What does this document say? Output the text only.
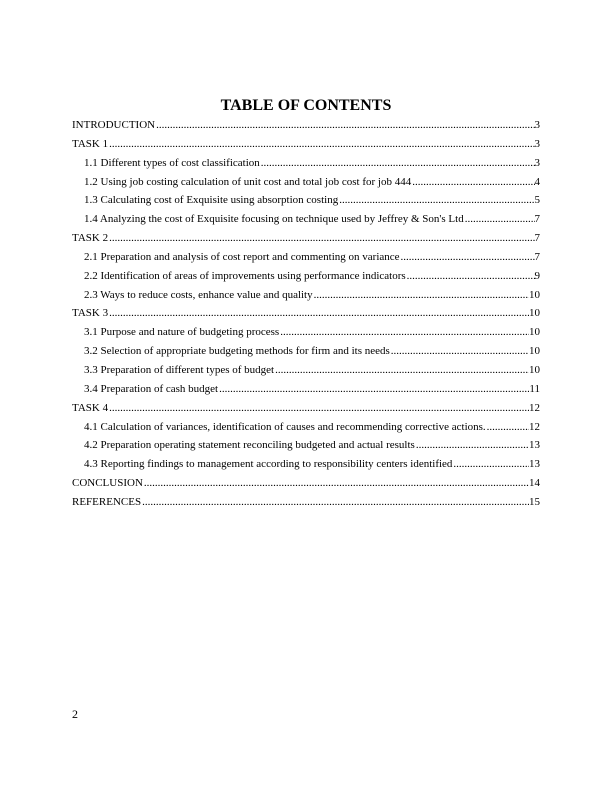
TABLE OF CONTENTS
INTRODUCTION .....	3
TASK 1 .....	3
1.1 Different types of cost classification .....	3
1.2 Using job costing calculation of unit cost and total job cost for job 444 .....	4
1.3 Calculating cost of Exquisite using absorption costing .....	5
1.4 Analyzing the cost of Exquisite focusing on technique used by Jeffrey & Son's Ltd .....	7
TASK 2 .....	7
2.1 Preparation and analysis of cost report and commenting on variance .....	7
2.2 Identification of areas of improvements using performance indicators .....	9
2.3 Ways to reduce costs, enhance value and quality .....	10
TASK 3 .....	10
3.1 Purpose and nature of budgeting process .....	10
3.2 Selection of appropriate budgeting methods for firm and its needs .....	10
3.3 Preparation of different types of budget .....	10
3.4 Preparation of cash budget .....	11
TASK 4 .....	12
4.1 Calculation of variances, identification of causes and recommending corrective actions. .....	12
4.2 Preparation operating statement reconciling budgeted and actual results .....	13
4.3 Reporting findings to management according to responsibility centers identified .....	13
CONCLUSION .....	14
REFERENCES .....	15
2
